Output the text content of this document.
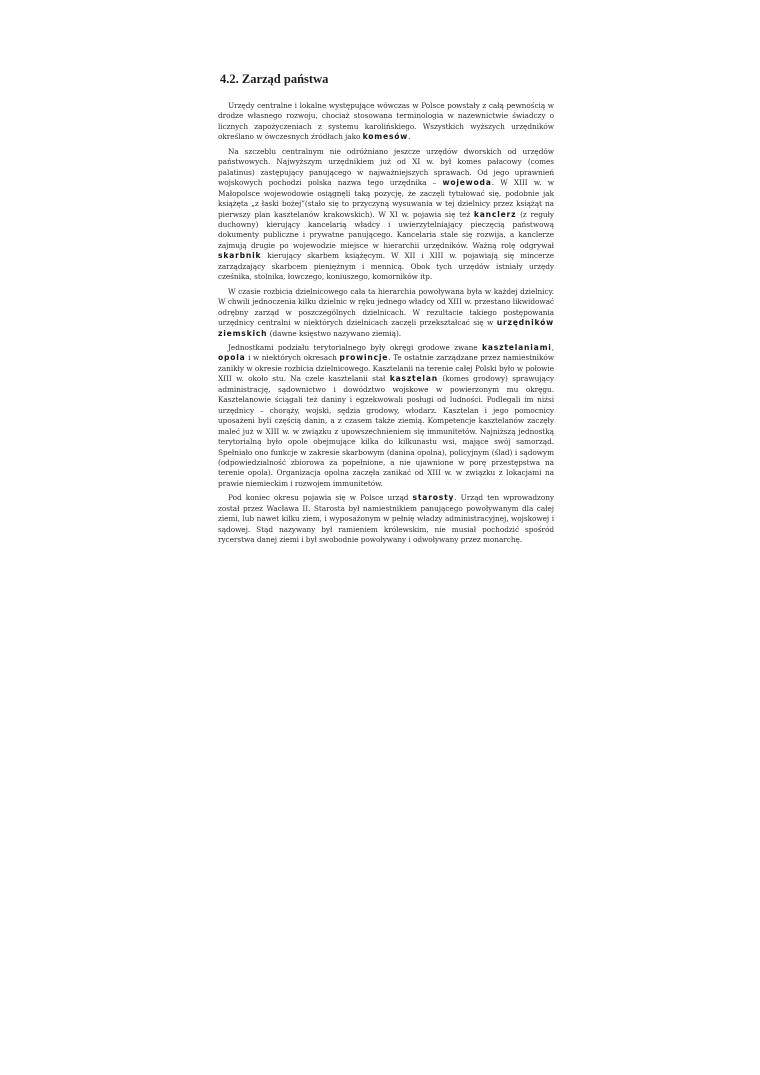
4.2. Zarząd państwa

Urzędy centralne i lokalne występujące wówczas w Polsce powstały z całą pewnością w drodze własnego rozwoju, chociaż stosowana terminologia w nazewnictwie świadczy o licznych zapożyczeniach z systemu karolińskiego. Wszystkich wyższych urzędników określano w ówczesnych źródłach jako komesów.

Na szczeblu centralnym nie odróżniano jeszcze urzędów dworskich od urzędów państwowych. Najwyższym urzędnikiem już od XI w. był komes pałacowy (comes palatinus) zastępujący panującego w najważniejszych sprawach. Od jego uprawnień wojskowych pochodzi polska nazwa tego urzędnika – wojewoda. W XIII w. w Małopolsce wojewodowie osiągnęli taką pozycję, że zaczęli tytułować się, podobnie jak książęta „z łaski bożej”(stało się to przyczyną wysuwania w tej dzielnicy przez książąt na pierwszy plan kasztelanów krakowskich). W XI w. pojawia się też kanclerz (z reguły duchowny) kierujący kancelarią władcy i uwierzytelniający pieczęcią państwową dokumenty publiczne i prywatne panującego. Kancelaria stale się rozwija, a kanclerze zajmują drugie po wojewodzie miejsce w hierarchii urzędników. Ważną rolę odgrywał skarbnik kierujący skarbem książęcym. W XII i XIII w. pojawiają się mincerze zarządzający skarbcem pieniężnym i mennicą. Obok tych urzędów istniały urzędy cześnika, stolnika, łowczego, koniuszego, komorników itp.

W czasie rozbicia dzielnicowego cała ta hierarchia powoływana była w każdej dzielnicy. W chwili jednoczenia kilku dzielnic w ręku jednego władcy od XIII w. przestano likwidować odrębny zarząd w poszczególnych dzielnicach. W rezultacie takiego postępowania urzędnicy centralni w niektórych dzielnicach zaczęli przekształcać się w urzędników ziemskich (dawne księstwo nazywano ziemią).

Jednostkami podziału terytorialnego były okręgi grodowe zwane kasztelaniami, opola i w niektórych okresach prowincje. Te ostatnie zarządzane przez namiestników zanikły w okresie rozbicia dzielnicowego. Kasztelanii na terenie całej Polski było w połowie XIII w. około stu. Na czele kasztelanii stał kasztelan (komes grodowy) sprawujący administrację, sądownictwo i dowództwo wojskowe w powierzonym mu okręgu. Kasztelanowie ściągali też daniny i egzekwowali posługi od ludności. Podlegali im niżsi urzędnicy – chorąży, wojski, sędzia grodowy, włodarz. Kasztelan i jego pomocnicy uposażeni byli częścią danin, a z czasem także ziemią. Kompetencje kasztelanów zaczęły maleć już w XIII w. w związku z upowszechnieniem się immunitetów. Najniższą jednostką terytorialną było opole obejmujące kilka do kilkunastu wsi, mające swój samorząd. Spełniało ono funkcje w zakresie skarbowym (danina opolna), policyjnym (ślad) i sądowym (odpowiedzialność zbiorowa za popełnione, a nie ujawnione w porę przestępstwa na terenie opola). Organizacja opolna zaczęła zanikać od XIII w. w związku z lokacjami na prawie niemieckim i rozwojem immunitetów.

Pod koniec okresu pojawia się w Polsce urząd starosty. Urząd ten wprowadzony został przez Wacława II. Starosta był namiestnikiem panującego powoływanym dla całej ziemi, lub nawet kilku ziem, i wyposażonym w pełnię władzy administracyjnej, wojskowej i sądowej. Stąd nazywany był ramieniem królewskim, nie musiał pochodzić spośród rycerstwa danej ziemi i był swobodnie powoływany i odwoływany przez monarchę.
